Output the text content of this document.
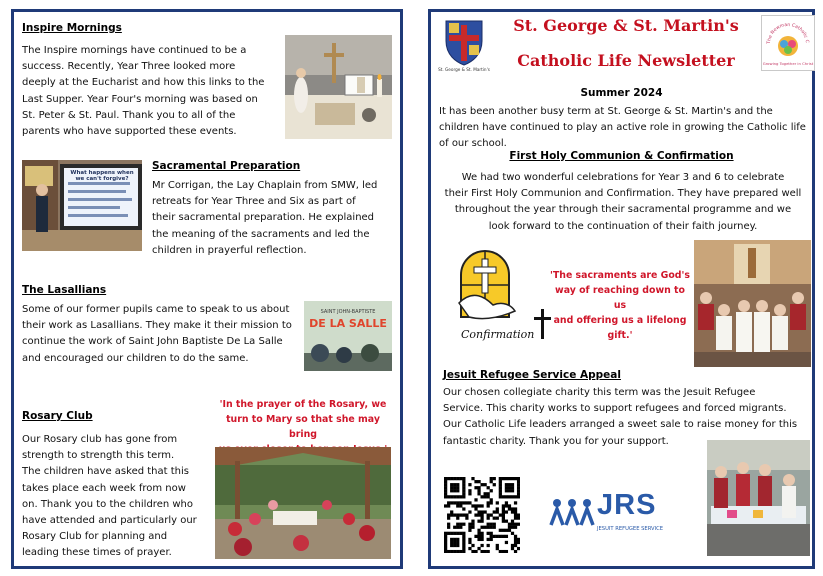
Inspire Mornings
The Inspire mornings have continued to be a
success. Recently, Year Three looked more
deeply at the Eucharist and how this links to the
Last Supper. Year Four's morning was based on
St. Peter & St. Paul. Thank you to all of the
parents who have supported these events.
What happens when we can't forgive?
Sacramental Preparation
Mr Corrigan, the Lay Chaplain from SMW, led
retreats for Year Three and Six as part of
their sacramental preparation. He explained
the meaning of the sacraments and led the
children in prayerful reflection.
The Lasallians
Some of our former pupils came to speak to us about
their work as Lasallians. They make it their mission to
continue the work of Saint John Baptiste De La Salle
and encouraged our children to do the same.
SAINT JOHN-BAPTISTE
DE LA SALLE
'In the prayer of the Rosary, we
turn to Mary so that she may bring
Rosary Club
Our Rosary club has gone from
strength to strength this term.
The children have asked that this
takes place each week from now
on. Thank you to the children who
have attended and particularly our
Rosary Club for planning and
leading these times of prayer.
St. George & St. Martin's
The Newman Catholic C
Growing Together in Christ
St. George & St. Martin's
Catholic Life Newsletter
Summer 2024
It has been another busy term at St. George & St. Martin's and the
children have continued to play an active role in growing the Catholic life
of our school.
First Holy Communion & Confirmation
We had two wonderful celebrations for Year 3 and 6 to celebrate
their First Holy Communion and Confirmation. They have prepared well
throughout the year through their sacramental programme and we
look forward to the continuation of their faith journey.
Confirmation
'The sacraments are God's
way of reaching down to us
and offering us a lifelong
gift.'
Jesuit Refugee Service Appeal
Our chosen collegiate charity this term was the Jesuit Refugee
Service. This charity works to support refugees and forced migrants.
Our Catholic Life leaders arranged a sweet sale to raise money for this
fantastic charity. Thank you for your support.
JRS
JESUIT REFUGEE SERVICE
